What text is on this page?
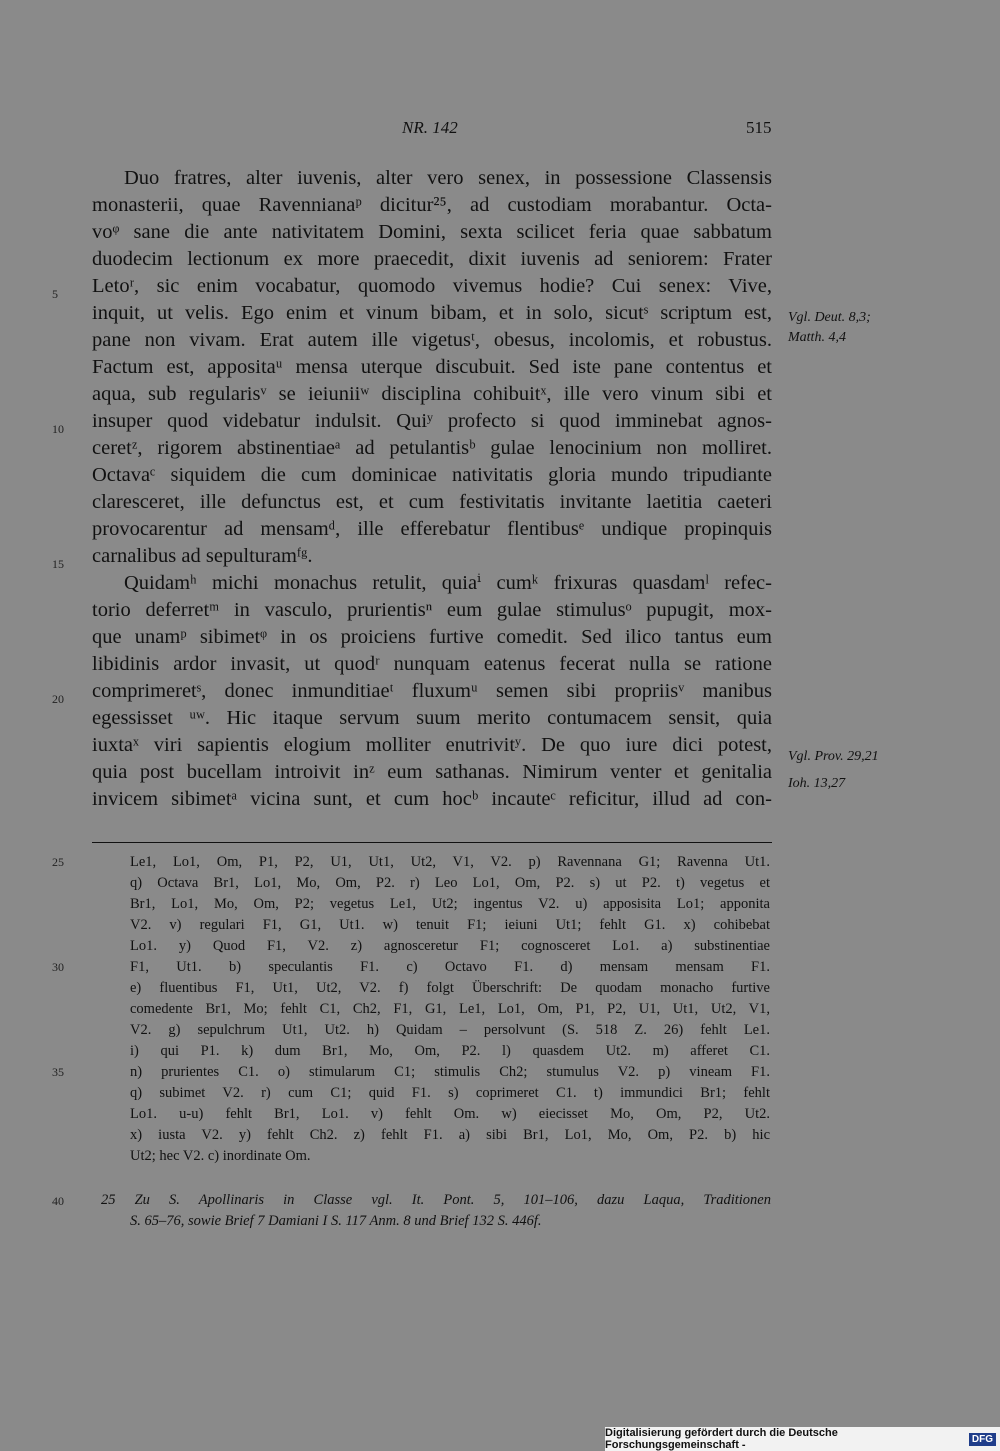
NR. 142	515
Duo fratres, alter iuvenis, alter vero senex, in possessione Classensis
monasterii, quae Ravennianaᵖ dicitur²⁵, ad custodiam morabantur. Octa-
voᵠ sane die ante nativitatem Domini, sexta scilicet feria quae sabbatum
duodecim lectionum ex more praecedit, dixit iuvenis ad seniorem: Frater
Letoʳ, sic enim vocabatur, quomodo vivemus hodie? Cui senex: Vive,
inquit, ut velis. Ego enim et vinum bibam, et in solo, sicutˢ scriptum est,
pane non vivam. Erat autem ille vigetusᵗ, obesus, incolomis, et robustus.
Factum est, appositaᵘ mensa uterque discubuit. Sed iste pane contentus et
aqua, sub regularisᵛ se ieiuniiʷ disciplina cohibuitˣ, ille vero vinum sibi et
insuper quod videbatur indulsit. Quiʸ profecto si quod imminebat agnos-
ceretᶻ, rigorem abstinentiaeᵃ ad petulantisᵇ gulae lenocinium non molliret.
Octavaᶜ siquidem die cum dominicae nativitatis gloria mundo tripudiante
claresceret, ille defunctus est, et cum festivitatis invitante laetitia caeteri
provocarentur ad mensamᵈ, ille efferebatur flentibusᵉ undique propinquis
carnalibus ad sepulturamᶠᵍ.
Quidamʰ michi monachus retulit, quiaⁱ cumᵏ frixuras quasdamˡ refec-
torio deferretᵐ in vasculo, prurientisⁿ eum gulae stimulusᵒ pupugit, mox-
que unamᵖ sibimetᵠ in os proiciens furtive comedit. Sed ilico tantus eum
libidinis ardor invasit, ut quodʳ nunquam eatenus fecerat nulla se ratione
comprimeretˢ, donec inmunditiaeᵗ fluxumᵘ semen sibi propriisᵛ manibus
egessisset ᵘʷ. Hic itaque servum suum merito contumacem sensit, quia
iuxtaˣ viri sapientis elogium molliter enutrivitʸ. De quo iure dici potest,
quia post bucellam introivit inᶻ eum sathanas. Nimirum venter et genitalia
invicem sibimetᵃ vicina sunt, et cum hocᵇ incauteᶜ reficitur, illud ad con-
5
10
15
20
Vgl. Deut. 8,3;
Matth. 4,4
Vgl. Prov. 29,21
Ioh. 13,27
Le1, Lo1, Om, P1, P2, U1, Ut1, Ut2, V1, V2. p) Ravennana G1; Ravenna Ut1.
q) Octava Br1, Lo1, Mo, Om, P2. r) Leo Lo1, Om, P2. s) ut P2. t) vegetus et
Br1, Lo1, Mo, Om, P2; vegetus Le1, Ut2; ingentus V2. u) apposisita Lo1; apponita
V2. v) regulari F1, G1, Ut1. w) tenuit F1; ieiuni Ut1; fehlt G1. x) cohibebat
Lo1. y) Quod F1, V2. z) agnosceretur F1; cognosceret Lo1. a) substinentiae
F1, Ut1. b) speculantis F1. c) Octavo F1. d) mensam mensam F1.
e) fluentibus F1, Ut1, Ut2, V2. f) folgt Überschrift: De quodam monacho furtive
comedente Br1, Mo; fehlt C1, Ch2, F1, G1, Le1, Lo1, Om, P1, P2, U1, Ut1, Ut2, V1,
V2. g) sepulchrum Ut1, Ut2. h) Quidam – persolvunt (S. 518 Z. 26) fehlt Le1.
i) qui P1. k) dum Br1, Mo, Om, P2. l) quasdem Ut2. m) afferet C1.
n) prurientes C1. o) stimularum C1; stimulis Ch2; stumulus V2. p) vineam F1.
q) subimet V2. r) cum C1; quid F1. s) coprimeret C1. t) immundici Br1; fehlt
Lo1. u-u) fehlt Br1, Lo1. v) fehlt Om. w) eiecisset Mo, Om, P2, Ut2.
x) iusta V2. y) fehlt Ch2. z) fehlt F1. a) sibi Br1, Lo1, Mo, Om, P2. b) hic
Ut2; hec V2. c) inordinate Om.
25
30
35
40	25 Zu S. Apollinaris in Classe vgl. It. Pont. 5, 101–106, dazu Laqua, Traditionen
S. 65–76, sowie Brief 7 Damiani I S. 117 Anm. 8 und Brief 132 S. 446f.
Digitalisierung gefördert durch die Deutsche Forschungsgemeinschaft -	DFG
